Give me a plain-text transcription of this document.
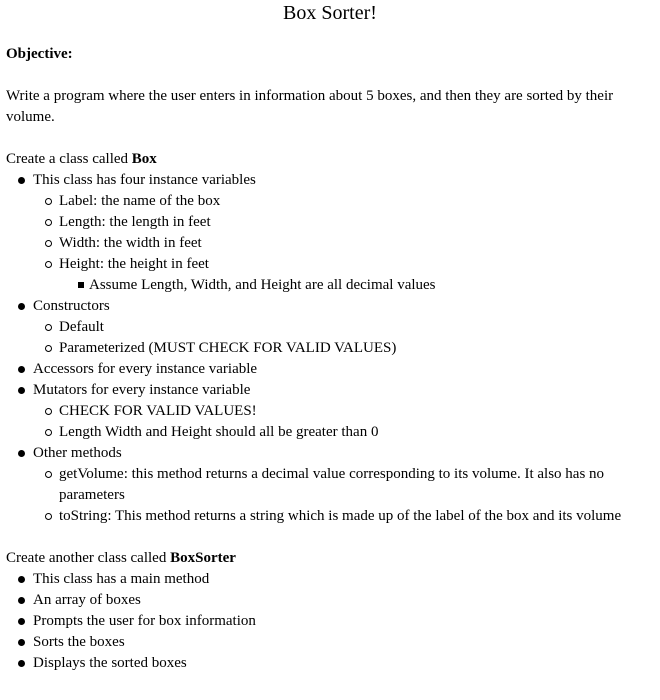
Box Sorter!

Objective:

Write a program where the user enters in information about 5 boxes, and then they are sorted by their volume.

Create a class called Box

This class has four instance variables
Label: the name of the box
Length: the length in feet
Width: the width in feet
Height: the height in feet
Assume Length, Width, and Height are all decimal values
Constructors
Default
Parameterized (MUST CHECK FOR VALID VALUES)
Accessors for every instance variable
Mutators for every instance variable
CHECK FOR VALID VALUES!
Length Width and Height should all be greater than 0
Other methods
getVolume: this method returns a decimal value corresponding to its volume. It also has no parameters
toString: This method returns a string which is made up of the label of the box and its volume

Create another class called BoxSorter

This class has a main method
An array of boxes
Prompts the user for box information
Sorts the boxes
Displays the sorted boxes
